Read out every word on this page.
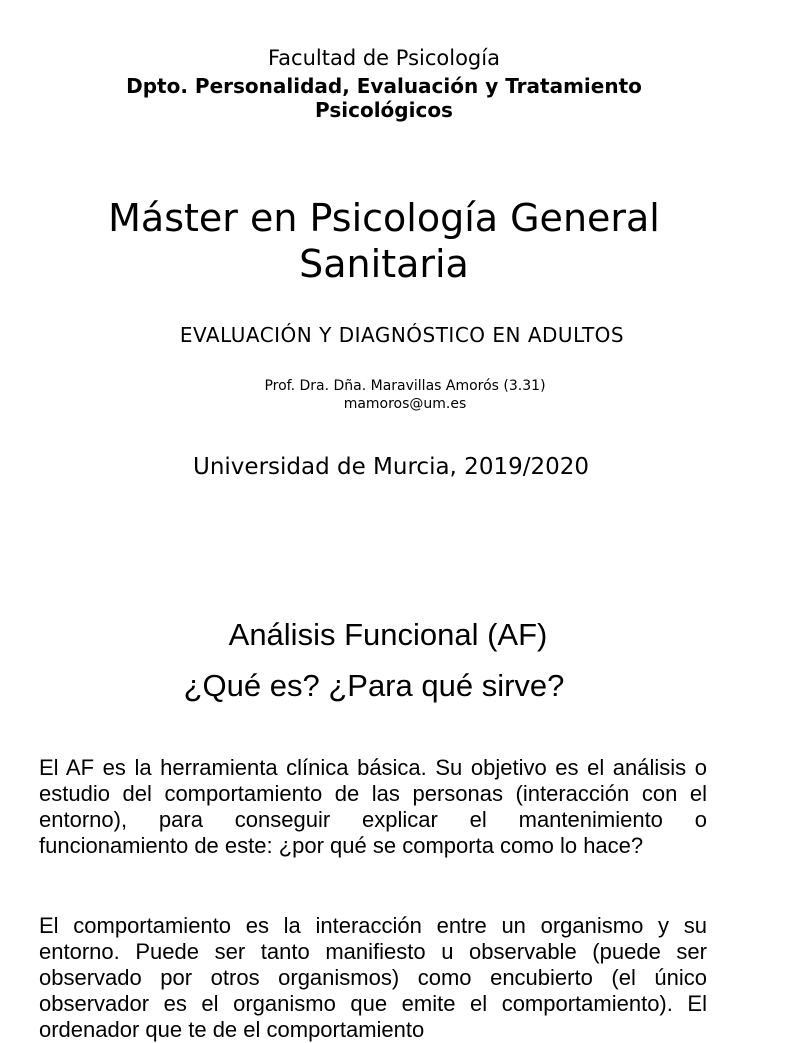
Facultad de Psicología
Dpto. Personalidad, Evaluación y Tratamiento
Psicológicos
Máster en Psicología General
Sanitaria
EVALUACIÓN Y DIAGNÓSTICO EN ADULTOS
Prof. Dra. Dña. Maravillas Amorós (3.31)
mamoros@um.es
Universidad de Murcia, 2019/2020
Análisis Funcional (AF)
¿Qué es? ¿Para qué sirve?

El AF es la herramienta clínica básica. Su objetivo es el análisis o estudio del comportamiento de las personas (interacción con el entorno), para conseguir explicar el mantenimiento o funcionamiento de este: ¿por qué se comporta como lo hace?

El comportamiento es la interacción entre un organismo y su entorno. Puede ser tanto manifiesto u observable (puede ser observado por otros organismos) como encubierto (el único observador es el organismo que emite el comportamiento). El ordenador que te de el comportamiento
